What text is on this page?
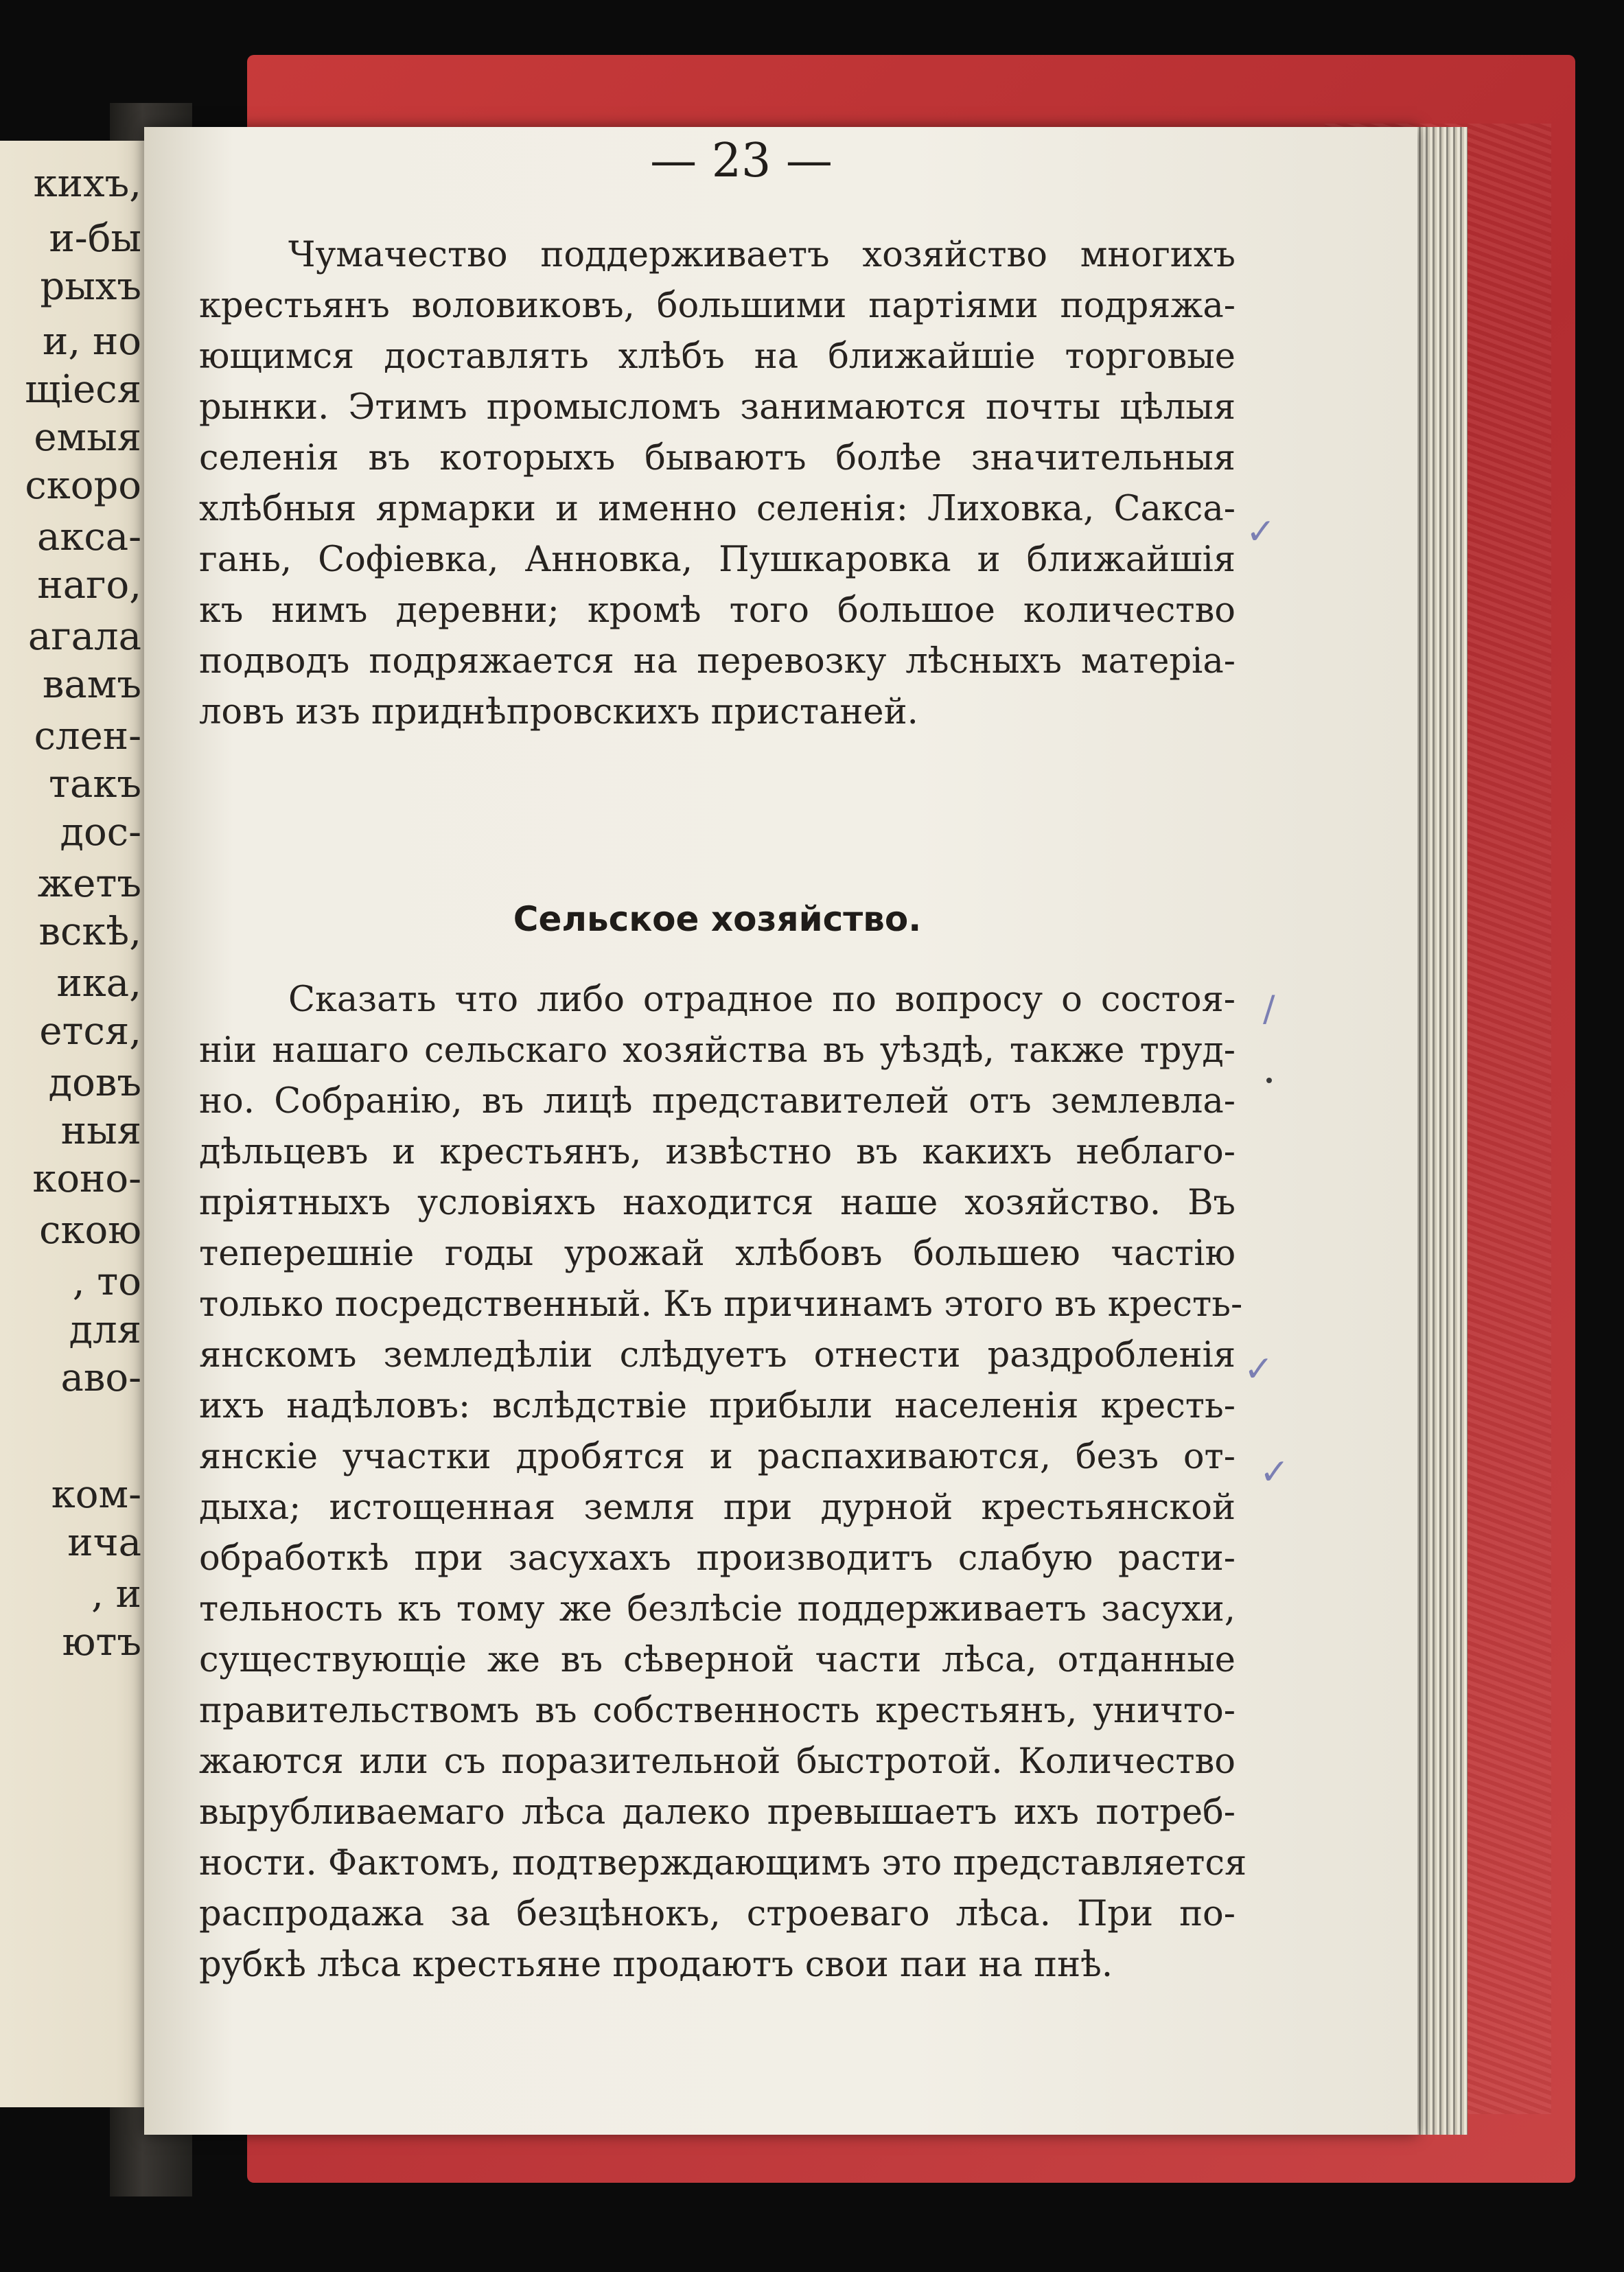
кихъ,
и-бы
рыхъ
и, но
щіеся
емыя
скоро
акса-
наго,
агала
вамъ
слен-
такъ
дос-
жетъ
вскѣ,
ика,
ется,
довъ
ныя
коно-
скою
, то
для
аво-
ком-
ича
, и
ютъ
— 23 —
Чумачество поддерживаетъ хозяйство многихъ
крестьянъ воловиковъ, большими партіями подряжа-
ющимся доставлять хлѣбъ на ближайшіе торговые
рынки. Этимъ промысломъ занимаются почты цѣлыя
селенія въ которыхъ бываютъ болѣе значительныя
хлѣбныя ярмарки и именно селенія: Лиховка, Сакса-
гань, Софіевка, Анновка, Пушкаровка и ближайшія
къ нимъ деревни; кромѣ того большое количество
подводъ подряжается на перевозку лѣсныхъ матеріа-
ловъ изъ приднѣпровскихъ пристаней.
Сельское хозяйство.
Сказать что либо отрадное по вопросу о состоя-
ніи нашаго сельскаго хозяйства въ уѣздѣ, также труд-
но. Собранію, въ лицѣ представителей отъ землевла-
дѣльцевъ и крестьянъ, извѣстно въ какихъ неблаго-
пріятныхъ условіяхъ находится наше хозяйство. Въ
теперешніе годы урожай хлѣбовъ большею частію
только посредственный. Къ причинамъ этого въ кресть-
янскомъ земледѣліи слѣдуетъ отнести раздробленія
ихъ надѣловъ: вслѣдствіе прибыли населенія кресть-
янскіе участки дробятся и распахиваются, безъ от-
дыха; истощенная земля при дурной крестьянской
обработкѣ при засухахъ производитъ слабую расти-
тельность къ тому же безлѣсіе поддерживаетъ засухи,
существующіе же въ сѣверной части лѣса, отданные
правительствомъ въ собственность крестьянъ, уничто-
жаются или съ поразительной быстротой. Количество
вырубливаемаго лѣса далеко превышаетъ ихъ потреб-
ности. Фактомъ, подтверждающимъ это представляется
распродажа за безцѣнокъ, строеваго лѣса. При по-
рубкѣ лѣса крестьяне продаютъ свои паи на пнѣ.
✓
/
✓
✓
